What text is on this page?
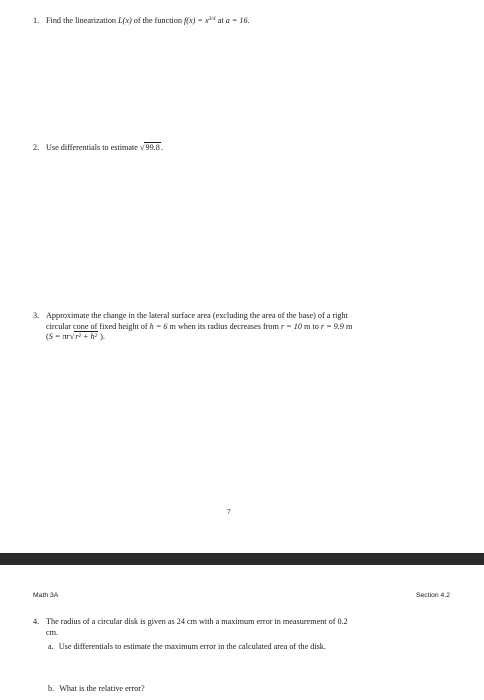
1. Find the linearization L(x) of the function $f(x) = x^{3/4}$ at a = 16.
2. Use differentials to estimate √99.8.
3. Approximate the change in the lateral surface area (excluding the area of the base) of a right
circular cone of fixed height of h = 6 m when its radius decreases from r = 10 m to r = 9.9 m
(S = πr√r² + h² ).
7
Math 3A	Section 4.2
4. The radius of a circular disk is given as 24 cm with a maximum error in measurement of 0.2
cm.
a. Use differentials to estimate the maximum error in the calculated area of the disk.
b. What is the relative error?
